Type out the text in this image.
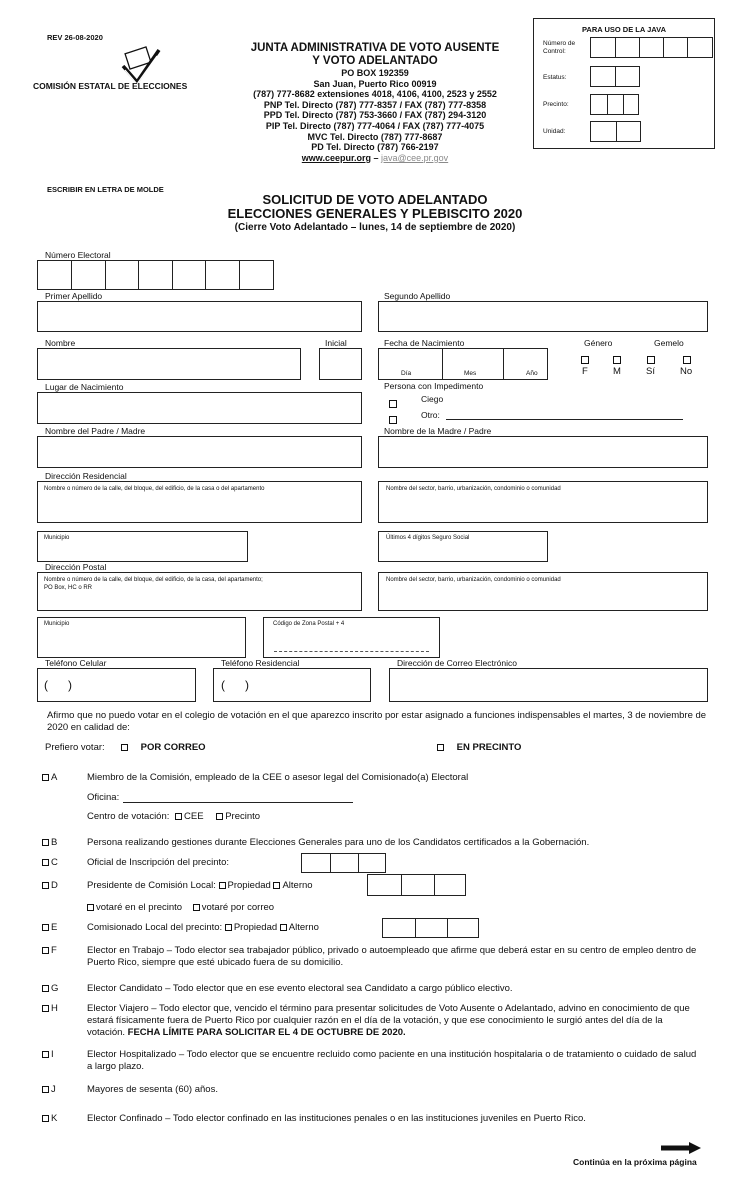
REV 26-08-2020
COMISIÓN ESTATAL DE ELECCIONES
JUNTA ADMINISTRATIVA DE VOTO AUSENTE
Y VOTO ADELANTADO
PO BOX 192359
San Juan, Puerto Rico 00919
(787) 777-8682 extensiones 4018, 4106, 4100, 2523 y 2552
PNP Tel. Directo (787) 777-8357 / FAX (787) 777-8358
PPD Tel. Directo (787) 753-3660 / FAX (787) 294-3120
PIP Tel. Directo (787) 777-4064 / FAX (787) 777-4075
MVC Tel. Directo (787) 777-8687
PD Tel. Directo (787) 766-2197
www.ceepur.org – java@cee.pr.gov
PARA USO DE LA JAVA
Número de
Control:
Estatus:
Precinto:
Unidad:
ESCRIBIR EN LETRA DE MOLDE
SOLICITUD DE VOTO ADELANTADO
ELECCIONES GENERALES Y PLEBISCITO 2020
(Cierre Voto Adelantado – lunes, 14 de septiembre de 2020)
Número Electoral
Primer Apellido	Segundo Apellido
Nombre	Inicial	Fecha de Nacimiento
Día	Mes	Año
Género
F	M
Gemelo
Sí	No
Lugar de Nacimiento	Persona con Impedimento
Ciego
Otro:
Nombre del Padre / Madre	Nombre de la Madre / Padre
Dirección Residencial
Nombre o número de la calle, del bloque, del edificio, de la casa o del apartamento	Nombre del sector, barrio, urbanización, condominio o comunidad
Municipio	Últimos 4 dígitos Seguro Social
Dirección Postal
Nombre o número de la calle, del bloque, del edificio, de la casa, del apartamento;
PO Box, HC o RR
Nombre del sector, barrio, urbanización, condominio o comunidad
Municipio	Código de Zona Postal + 4
Teléfono Celular
(      )
Teléfono Residencial
(      )
Dirección de Correo Electrónico
Afirmo que no puedo votar en el colegio de votación en el que aparezco inscrito por estar asignado a funciones indispensables el martes, 3 de noviembre de 2020 en calidad de:
Prefiero votar:	POR CORREO	EN PRECINTO
A	Miembro de la Comisión, empleado de la CEE o asesor legal del Comisionado(a) Electoral
Oficina:
Centro de votación: CEE Precinto
B	Persona realizando gestiones durante Elecciones Generales para uno de los Candidatos certificados a la Gobernación.
C	Oficial de Inscripción del precinto:
D	Presidente de Comisión Local: Propiedad Alterno
votaré en el precinto votaré por correo
E	Comisionado Local del precinto: Propiedad Alterno
F	Elector en Trabajo – Todo elector sea trabajador público, privado o autoempleado que afirme que deberá estar en su centro de empleo dentro de Puerto Rico, siempre que esté ubicado fuera de su domicilio.
G	Elector Candidato – Todo elector que en ese evento electoral sea Candidato a cargo público electivo.
H	Elector Viajero – Todo elector que, vencido el término para presentar solicitudes de Voto Ausente o Adelantado, advino en conocimiento de que estará físicamente fuera de Puerto Rico por cualquier razón en el día de la votación, y que ese conocimiento le surgió antes del día de la votación. FECHA LÍMITE PARA SOLICITAR EL 4 DE OCTUBRE DE 2020.
I	Elector Hospitalizado – Todo elector que se encuentre recluido como paciente en una institución hospitalaria o de tratamiento o cuidado de salud a largo plazo.
J	Mayores de sesenta (60) años.
K	Elector Confinado – Todo elector confinado en las instituciones penales o en las instituciones juveniles en Puerto Rico.
Continúa en la próxima página
